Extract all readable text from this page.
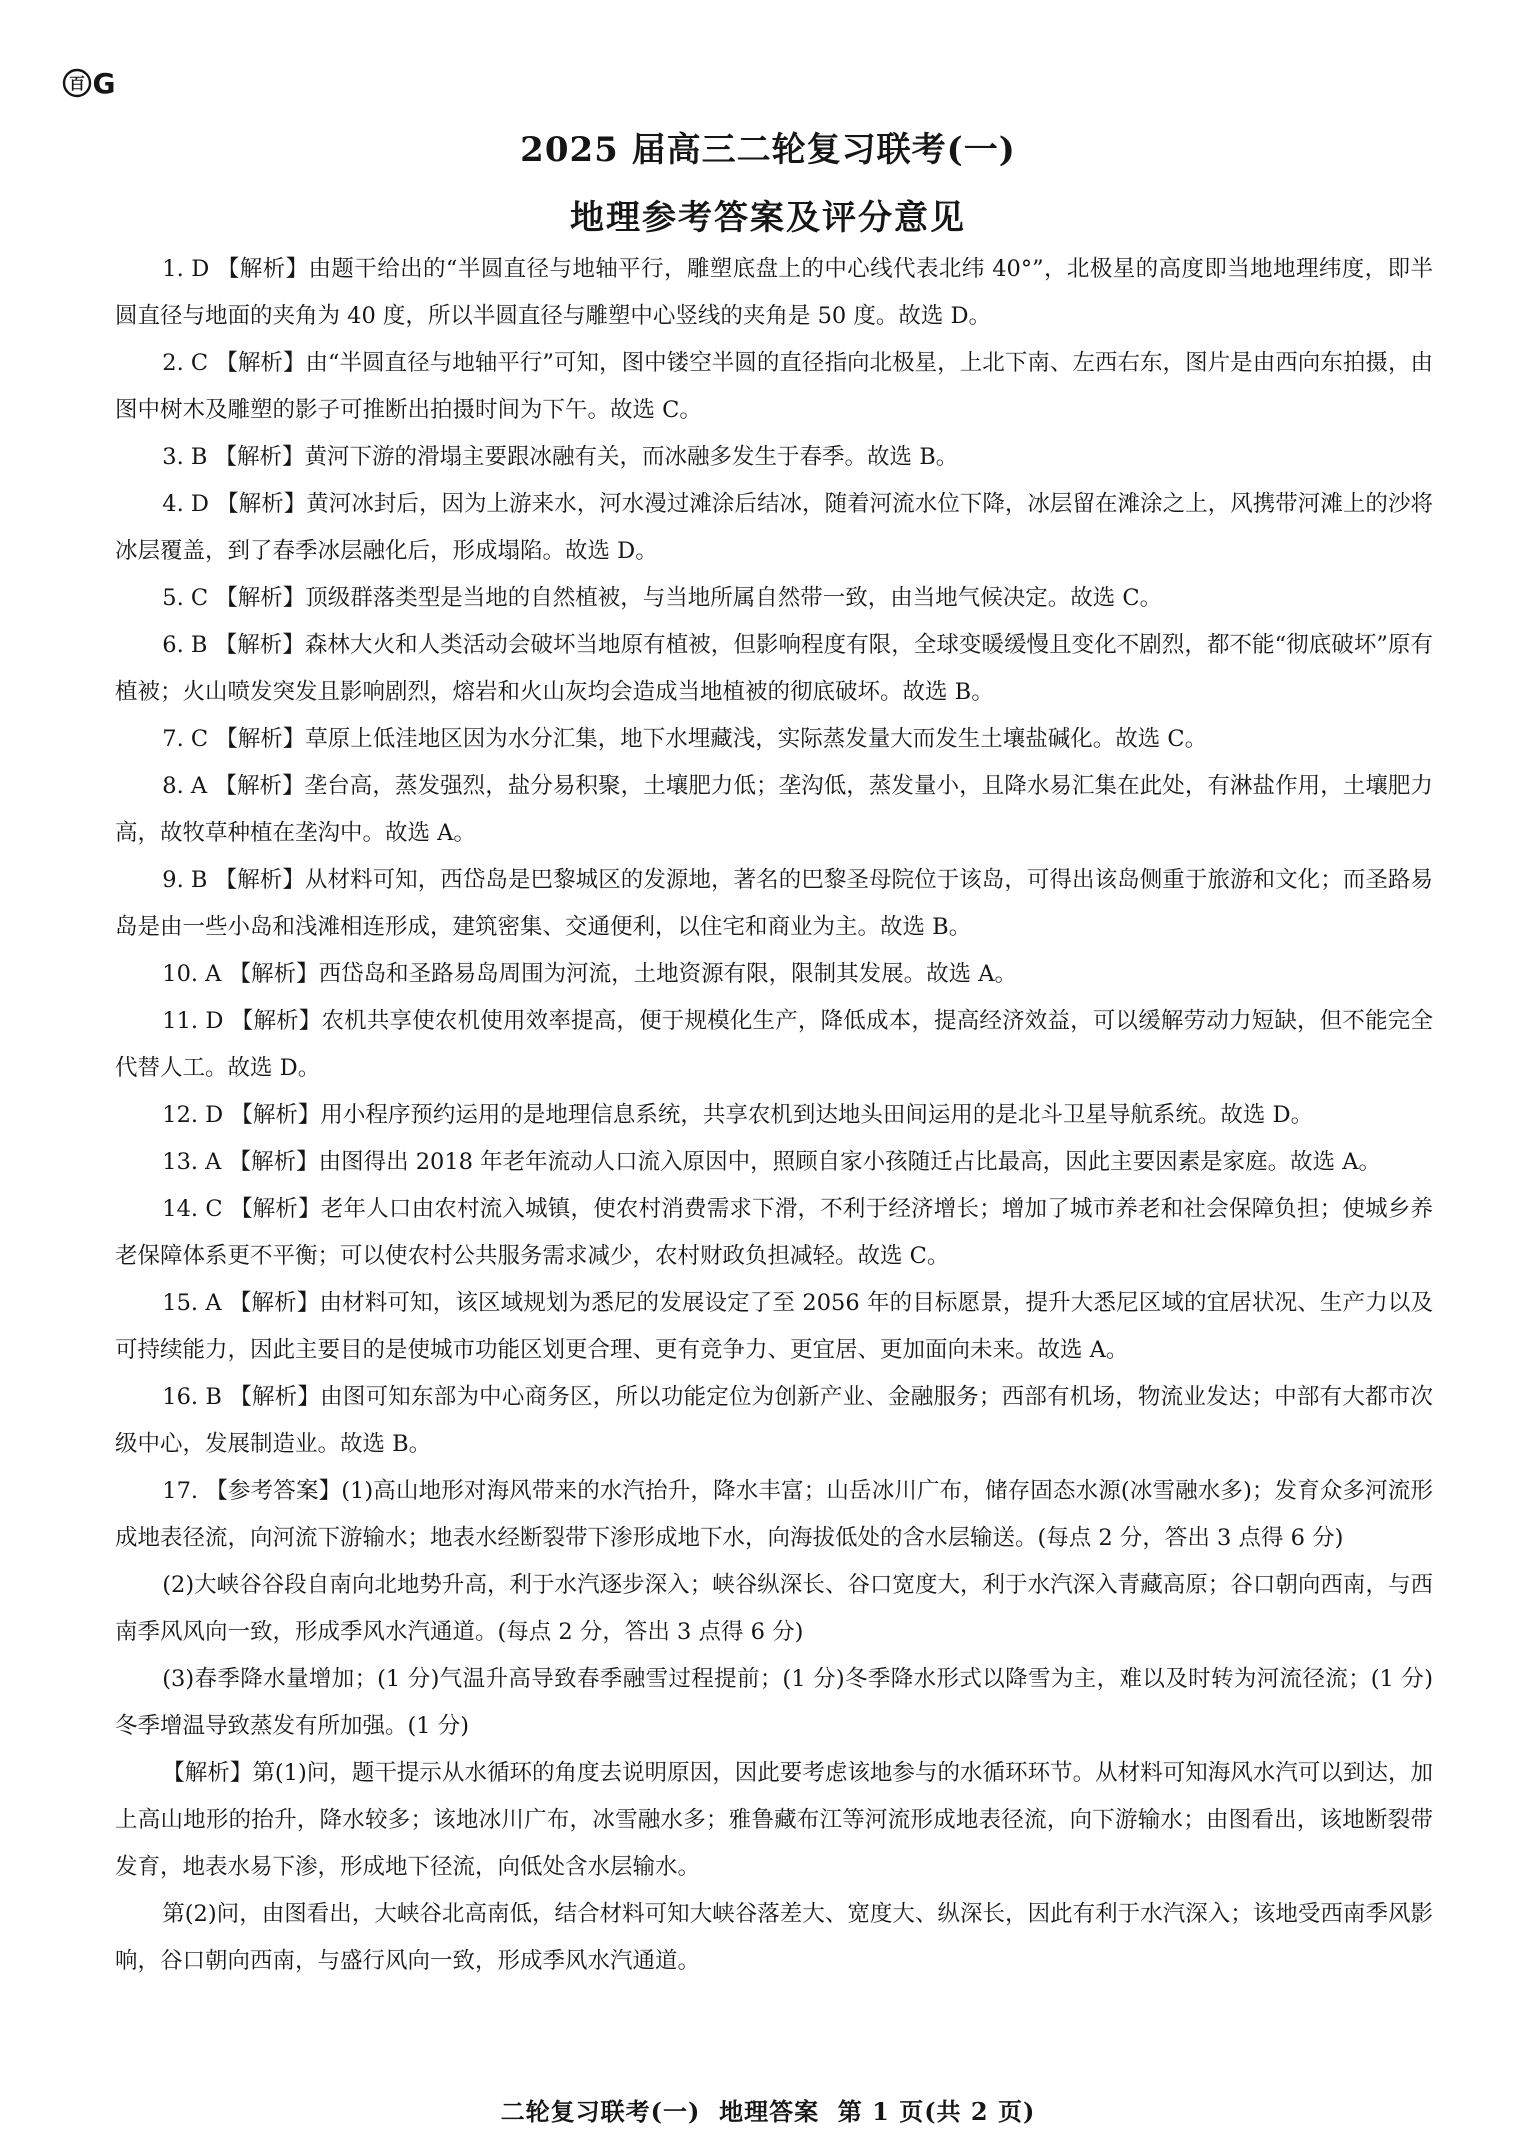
百 G
2025 届高三二轮复习联考(一)
地理参考答案及评分意见

1. D 【解析】由题干给出的“半圆直径与地轴平行，雕塑底盘上的中心线代表北纬 40°”，北极星的高度即当地地理纬度，即半圆直径与地面的夹角为 40 度，所以半圆直径与雕塑中心竖线的夹角是 50 度。故选 D。

2. C 【解析】由“半圆直径与地轴平行”可知，图中镂空半圆的直径指向北极星，上北下南、左西右东，图片是由西向东拍摄，由图中树木及雕塑的影子可推断出拍摄时间为下午。故选 C。

3. B 【解析】黄河下游的滑塌主要跟冰融有关，而冰融多发生于春季。故选 B。

4. D 【解析】黄河冰封后，因为上游来水，河水漫过滩涂后结冰，随着河流水位下降，冰层留在滩涂之上，风携带河滩上的沙将冰层覆盖，到了春季冰层融化后，形成塌陷。故选 D。

5. C 【解析】顶级群落类型是当地的自然植被，与当地所属自然带一致，由当地气候决定。故选 C。

6. B 【解析】森林大火和人类活动会破坏当地原有植被，但影响程度有限，全球变暖缓慢且变化不剧烈，都不能“彻底破坏”原有植被；火山喷发突发且影响剧烈，熔岩和火山灰均会造成当地植被的彻底破坏。故选 B。

7. C 【解析】草原上低洼地区因为水分汇集，地下水埋藏浅，实际蒸发量大而发生土壤盐碱化。故选 C。

8. A 【解析】垄台高，蒸发强烈，盐分易积聚，土壤肥力低；垄沟低，蒸发量小，且降水易汇集在此处，有淋盐作用，土壤肥力高，故牧草种植在垄沟中。故选 A。

9. B 【解析】从材料可知，西岱岛是巴黎城区的发源地，著名的巴黎圣母院位于该岛，可得出该岛侧重于旅游和文化；而圣路易岛是由一些小岛和浅滩相连形成，建筑密集、交通便利，以住宅和商业为主。故选 B。

10. A 【解析】西岱岛和圣路易岛周围为河流，土地资源有限，限制其发展。故选 A。

11. D 【解析】农机共享使农机使用效率提高，便于规模化生产，降低成本，提高经济效益，可以缓解劳动力短缺，但不能完全代替人工。故选 D。

12. D 【解析】用小程序预约运用的是地理信息系统，共享农机到达地头田间运用的是北斗卫星导航系统。故选 D。

13. A 【解析】由图得出 2018 年老年流动人口流入原因中，照顾自家小孩随迁占比最高，因此主要因素是家庭。故选 A。

14. C 【解析】老年人口由农村流入城镇，使农村消费需求下滑，不利于经济增长；增加了城市养老和社会保障负担；使城乡养老保障体系更不平衡；可以使农村公共服务需求减少，农村财政负担减轻。故选 C。

15. A 【解析】由材料可知，该区域规划为悉尼的发展设定了至 2056 年的目标愿景，提升大悉尼区域的宜居状况、生产力以及可持续能力，因此主要目的是使城市功能区划更合理、更有竞争力、更宜居、更加面向未来。故选 A。

16. B 【解析】由图可知东部为中心商务区，所以功能定位为创新产业、金融服务；西部有机场，物流业发达；中部有大都市次级中心，发展制造业。故选 B。

17. 【参考答案】(1)高山地形对海风带来的水汽抬升，降水丰富；山岳冰川广布，储存固态水源(冰雪融水多)；发育众多河流形成地表径流，向河流下游输水；地表水经断裂带下渗形成地下水，向海拔低处的含水层输送。(每点 2 分，答出 3 点得 6 分)

(2)大峡谷谷段自南向北地势升高，利于水汽逐步深入；峡谷纵深长、谷口宽度大，利于水汽深入青藏高原；谷口朝向西南，与西南季风风向一致，形成季风水汽通道。(每点 2 分，答出 3 点得 6 分)

(3)春季降水量增加；(1 分)气温升高导致春季融雪过程提前；(1 分)冬季降水形式以降雪为主，难以及时转为河流径流；(1 分)冬季增温导致蒸发有所加强。(1 分)

【解析】第(1)问，题干提示从水循环的角度去说明原因，因此要考虑该地参与的水循环环节。从材料可知海风水汽可以到达，加上高山地形的抬升，降水较多；该地冰川广布，冰雪融水多；雅鲁藏布江等河流形成地表径流，向下游输水；由图看出，该地断裂带发育，地表水易下渗，形成地下径流，向低处含水层输水。

第(2)问，由图看出，大峡谷北高南低，结合材料可知大峡谷落差大、宽度大、纵深长，因此有利于水汽深入；该地受西南季风影响，谷口朝向西南，与盛行风向一致，形成季风水汽通道。

二轮复习联考(一)  地理答案  第 1 页(共 2 页)
